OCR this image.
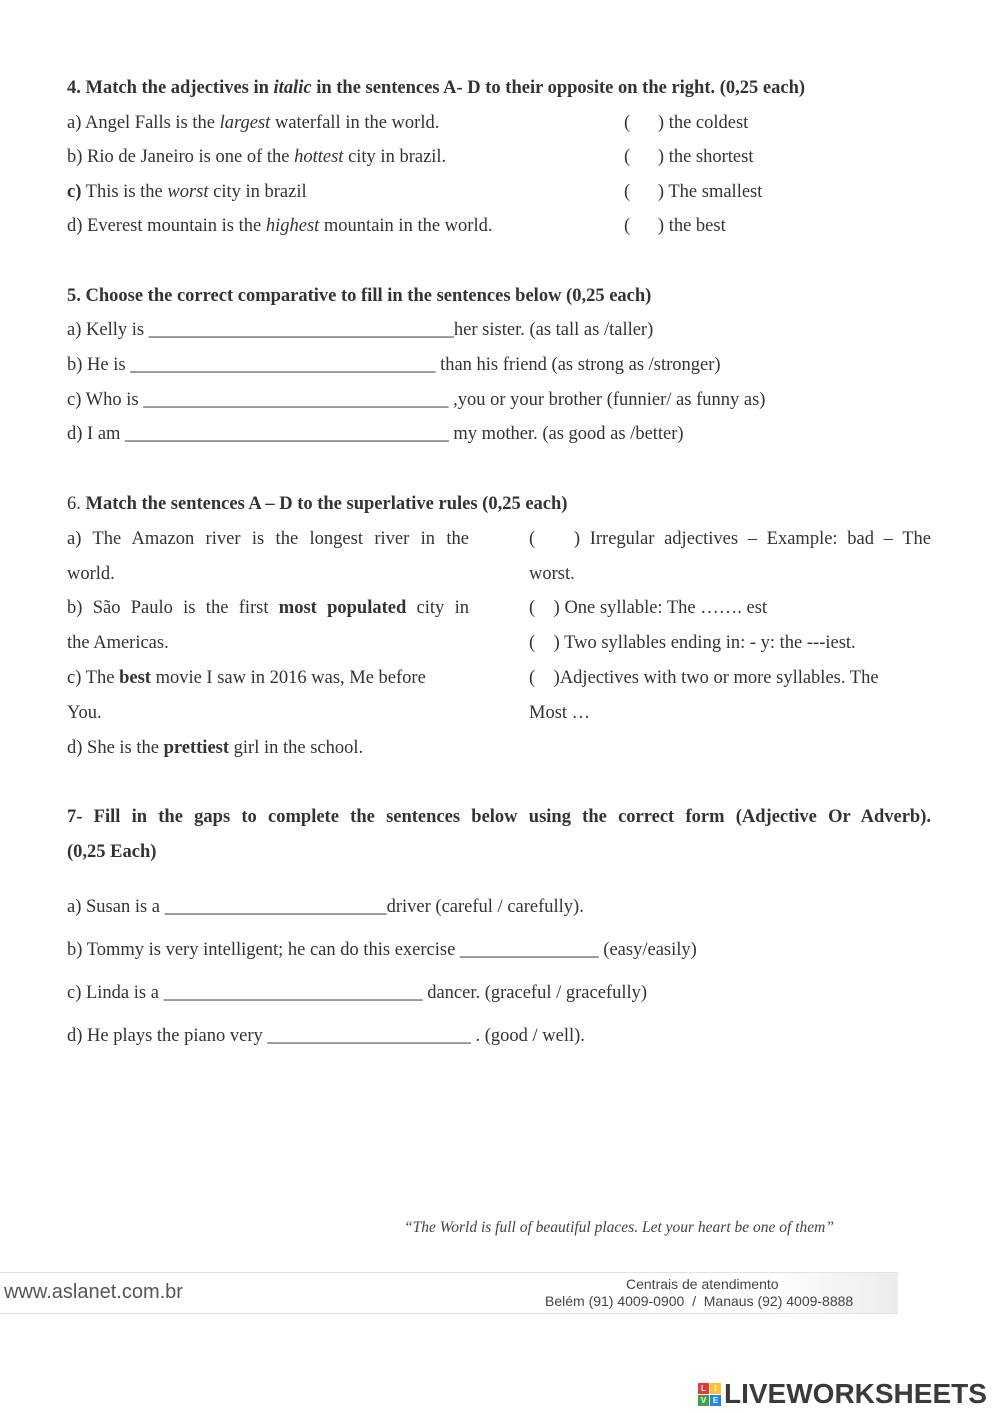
4. Match the adjectives in italic in the sentences A- D to their opposite on the right. (0,25 each)
a) Angel Falls is the largest waterfall in the world.
b) Rio de Janeiro is one of the hottest city in brazil.
c) This is the worst city in brazil
d) Everest mountain is the highest mountain in the world.
(      ) the coldest
(      ) the shortest
(      ) The smallest
(      ) the best
5. Choose the correct comparative to fill in the sentences below (0,25 each)
a) Kelly is _________________________________her sister. (as tall as /taller)
b) He is _________________________________ than his friend (as strong as /stronger)
c) Who is _________________________________ ,you or your brother (funnier/ as funny as)
d) I am ___________________________________ my mother. (as good as /better)
6. Match the sentences A – D to the superlative rules (0,25 each)
a) The Amazon river is the longest river in the
world.
b) São Paulo is the first most populated city in
the Americas.
c) The best movie I saw in 2016 was, Me before
You.
d) She is the prettiest girl in the school.
(    ) Irregular adjectives – Example: bad – The
worst.
(    ) One syllable: The ……. est
(    ) Two syllables ending in: - y: the ---iest.
(    )Adjectives with two or more syllables. The
Most …
7- Fill in the gaps to complete the sentences below using the correct form (Adjective Or Adverb).
(0,25 Each)
a) Susan is a ________________________driver (careful / carefully).
b) Tommy is very intelligent; he can do this exercise _______________ (easy/easily)
c) Linda is a ____________________________ dancer. (graceful / gracefully)
d) He plays the piano very ______________________ . (good / well).
“The World is full of beautiful places. Let your heart be one of them”
www.aslanet.com.br	Centrais de atendimento
Belém (91) 4009-0900  /  Manaus (92) 4009-8888
L	I
V E LIVEWORKSHEETS
